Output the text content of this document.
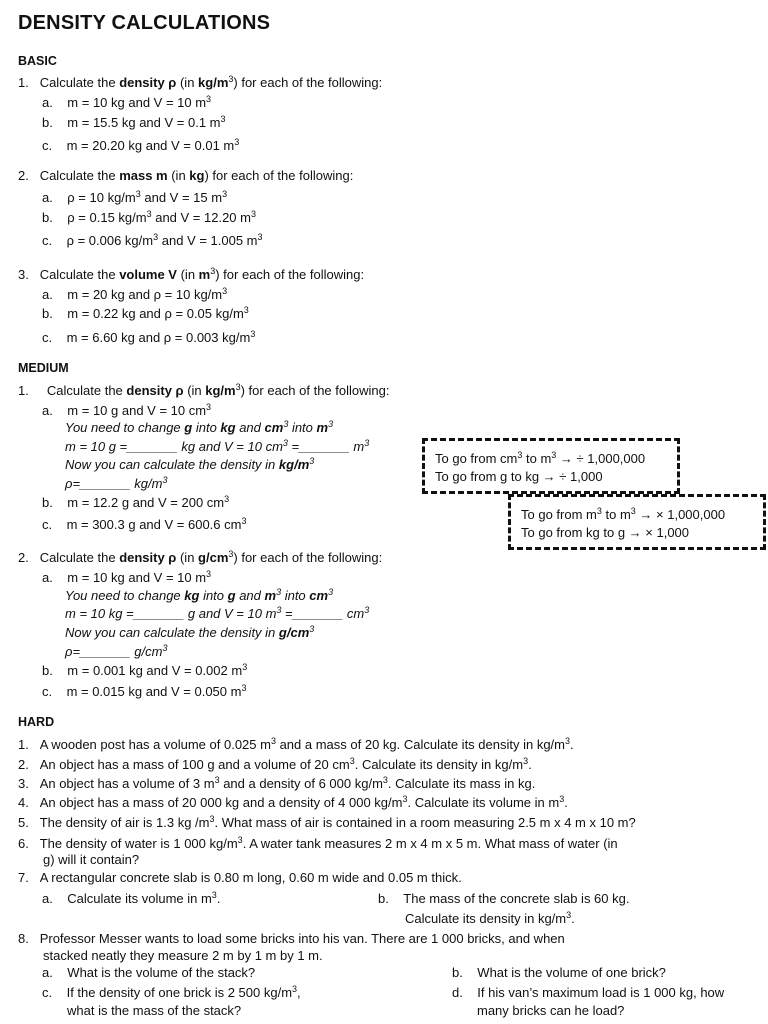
DENSITY CALCULATIONS
BASIC
1. Calculate the density ρ (in $kg/m^3$) for each of the following:
a. m = 10 kg and V = 10 $m^3$
b. m = 15.5 kg and V = 0.1 $m^3$
c. m = 20.20 kg and V = 0.01 $m^3$
2. Calculate the mass m (in kg) for each of the following:
a. ρ = 10 $kg/m^3$ and V = 15 $m^3$
b. ρ = 0.15 $kg/m^3$ and V = 12.20 $m^3$
c. ρ = 0.006 $kg/m^3$ and V = 1.005 $m^3$
3. Calculate the volume V (in $m^3$) for each of the following:
a. m = 20 kg and ρ = 10 $kg/m^3$
b. m = 0.22 kg and ρ = 0.05 $kg/m^3$
c. m = 6.60 kg and ρ = 0.003 $kg/m^3$
MEDIUM
1. Calculate the density ρ (in $kg/m^3$) for each of the following:
a.    m = 10 g and V = 10 $cm^3$
You need to change g into kg and $cm^3$ into $m^3$
m = 10 g =_______ kg and V = 10 $cm^3$ =_______ $m^3$
Now you can calculate the density in $kg/m^3$
ρ=_______ $kg/m^3$
b.    m = 12.2 g and V = 200 $cm^3$
c.    m = 300.3 g and V = 600.6 $cm^3$
To go from $cm^3$ to $m^3$ → ÷ 1,000,000
To go from g to kg → ÷ 1,000
To go from $m^3$ to $m^3$ → × 1,000,000
To go from kg to g → × 1,000
2. Calculate the density ρ (in $g/cm^3$) for each of the following:
a.    m = 10 kg and V = 10 $m^3$
You need to change kg into g and $m^3$ into $cm^3$
m = 10 kg =_______ g and V = 10 $m^3$ =_______ $cm^3$
Now you can calculate the density in $g/cm^3$
ρ=_______ $g/cm^3$
b.    m = 0.001 kg and V = 0.002 $m^3$
c.    m = 0.015 kg and V = 0.050 $m^3$
HARD
1. A wooden post has a volume of 0.025 $m^3$ and a mass of 20 kg. Calculate its density in $kg/m^3$.
2. An object has a mass of 100 g and a volume of 20 $cm^3$. Calculate its density in $kg/m^3$.
3. An object has a volume of 3 $m^3$ and a density of 6 000 $kg/m^3$. Calculate its mass in kg.
4. An object has a mass of 20 000 kg and a density of 4 000 $kg/m^3$. Calculate its volume in $m^3$.
5. The density of air is 1.3 kg $/m^3$. What mass of air is contained in a room measuring 2.5 m x 4 m x 10 m?
6. The density of water is 1 000 $kg/m^3$. A water tank measures 2 m x 4 m x 5 m. What mass of water (in
g) will it contain?
7. A rectangular concrete slab is 0.80 m long, 0.60 m wide and 0.05 m thick.
a. Calculate its volume in $m^3$.	b. The mass of the concrete slab is 60 kg.
Calculate its density in $kg/m^3$.
8. Professor Messer wants to load some bricks into his van. There are 1 000 bricks, and when
stacked neatly they measure 2 m by 1 m by 1 m.
a. What is the volume of the stack?	b. What is the volume of one brick?
c. If the density of one brick is 2 500 $kg/m^3$,
what is the mass of the stack?
d. If his van’s maximum load is 1 000 kg, how
many bricks can he load?
